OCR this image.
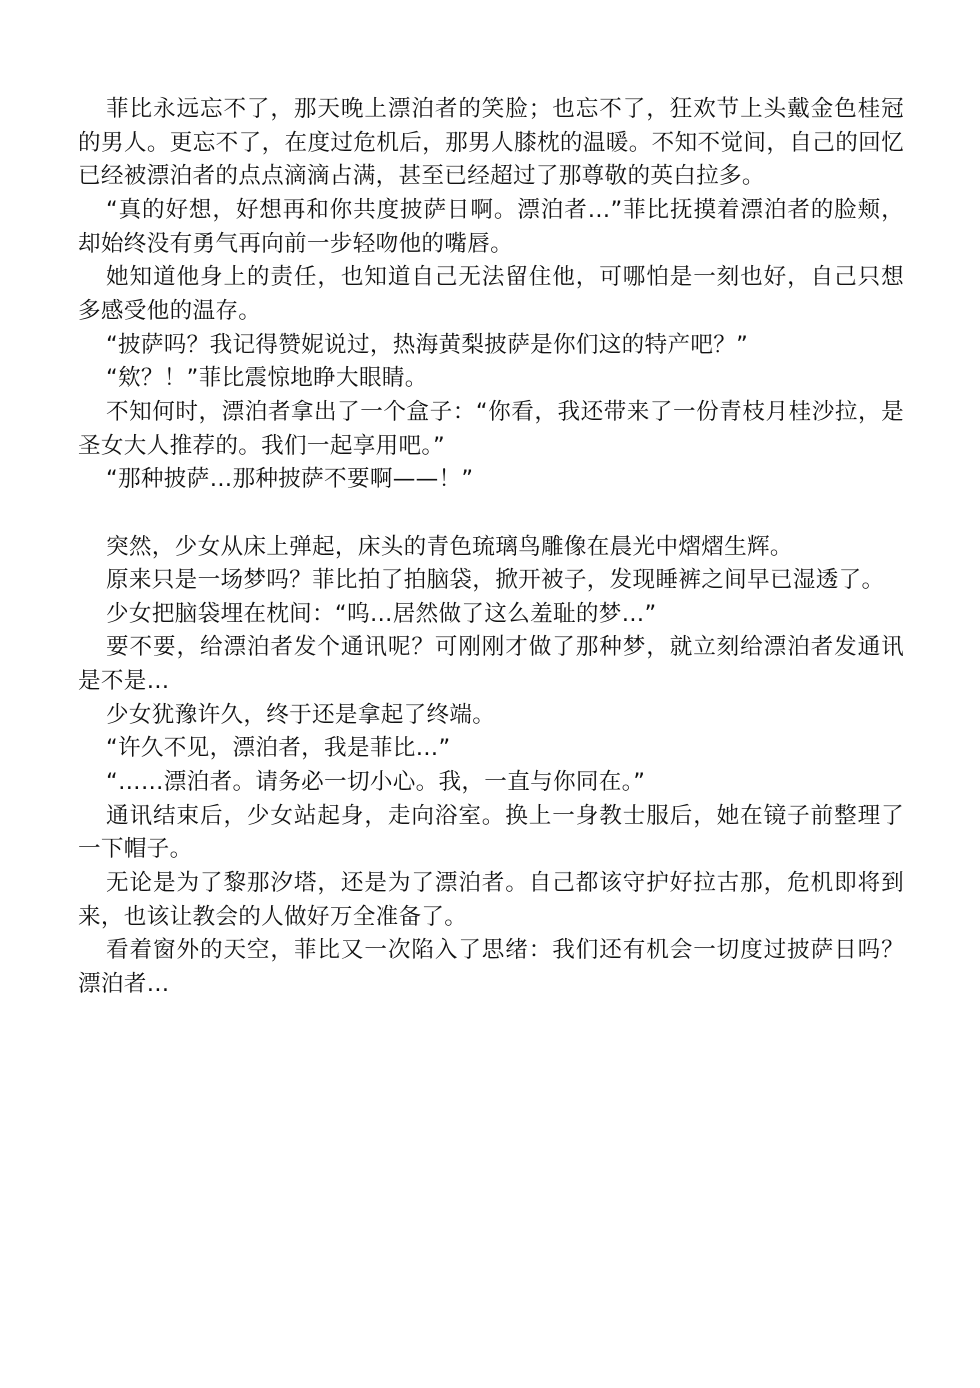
菲比永远忘不了，那天晚上漂泊者的笑脸；也忘不了，狂欢节上头戴金色桂冠的男人。更忘不了，在度过危机后，那男人膝枕的温暖。不知不觉间，自己的回忆已经被漂泊者的点点滴滴占满，甚至已经超过了那尊敬的英白拉多。

“真的好想，好想再和你共度披萨日啊。漂泊者…”菲比抚摸着漂泊者的脸颊，却始终没有勇气再向前一步轻吻他的嘴唇。

她知道他身上的责任，也知道自己无法留住他，可哪怕是一刻也好，自己只想多感受他的温存。

“披萨吗？我记得赞妮说过，热海黄梨披萨是你们这的特产吧？”

“欸？！”菲比震惊地睁大眼睛。

不知何时，漂泊者拿出了一个盒子：“你看，我还带来了一份青枝月桂沙拉，是圣女大人推荐的。我们一起享用吧。”

“那种披萨…那种披萨不要啊——！”

突然，少女从床上弹起，床头的青色琉璃鸟雕像在晨光中熠熠生辉。

原来只是一场梦吗？菲比拍了拍脑袋，掀开被子，发现睡裤之间早已湿透了。

少女把脑袋埋在枕间：“呜…居然做了这么羞耻的梦…”

要不要，给漂泊者发个通讯呢？可刚刚才做了那种梦，就立刻给漂泊者发通讯是不是…

少女犹豫许久，终于还是拿起了终端。

“许久不见，漂泊者，我是菲比…”

“……漂泊者。请务必一切小心。我，一直与你同在。”

通讯结束后，少女站起身，走向浴室。换上一身教士服后，她在镜子前整理了一下帽子。

无论是为了黎那汐塔，还是为了漂泊者。自己都该守护好拉古那，危机即将到来，也该让教会的人做好万全准备了。

看着窗外的天空，菲比又一次陷入了思绪：我们还有机会一切度过披萨日吗？漂泊者…
